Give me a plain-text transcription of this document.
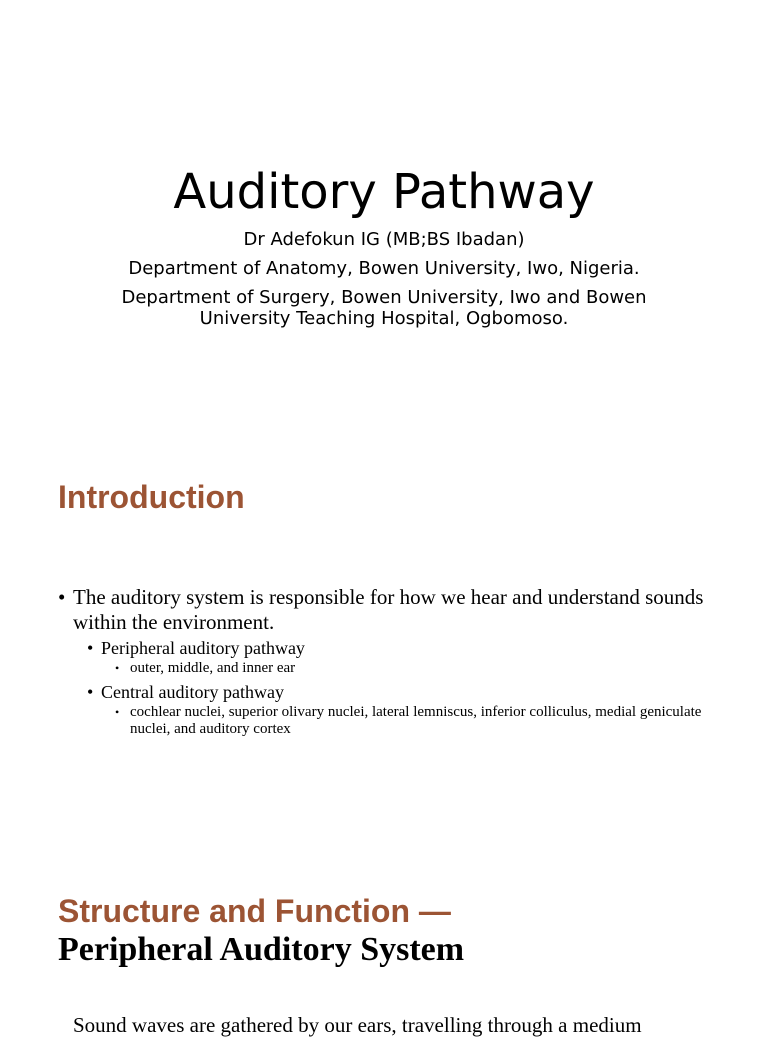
Auditory Pathway

Dr Adefokun IG (MB;BS Ibadan)

Department of Anatomy, Bowen University, Iwo, Nigeria.

Department of Surgery, Bowen University, Iwo and Bowen University Teaching Hospital, Ogbomoso.

Introduction
• The auditory system is responsible for how we hear and understand sounds within the environment.
• Peripheral auditory pathway
• outer, middle, and inner ear
• Central auditory pathway
• cochlear nuclei, superior olivary nuclei, lateral lemniscus, inferior colliculus, medial geniculate nuclei, and auditory cortex
Structure and Function —
Peripheral Auditory System
Sound waves are gathered by our ears, travelling through a medium
